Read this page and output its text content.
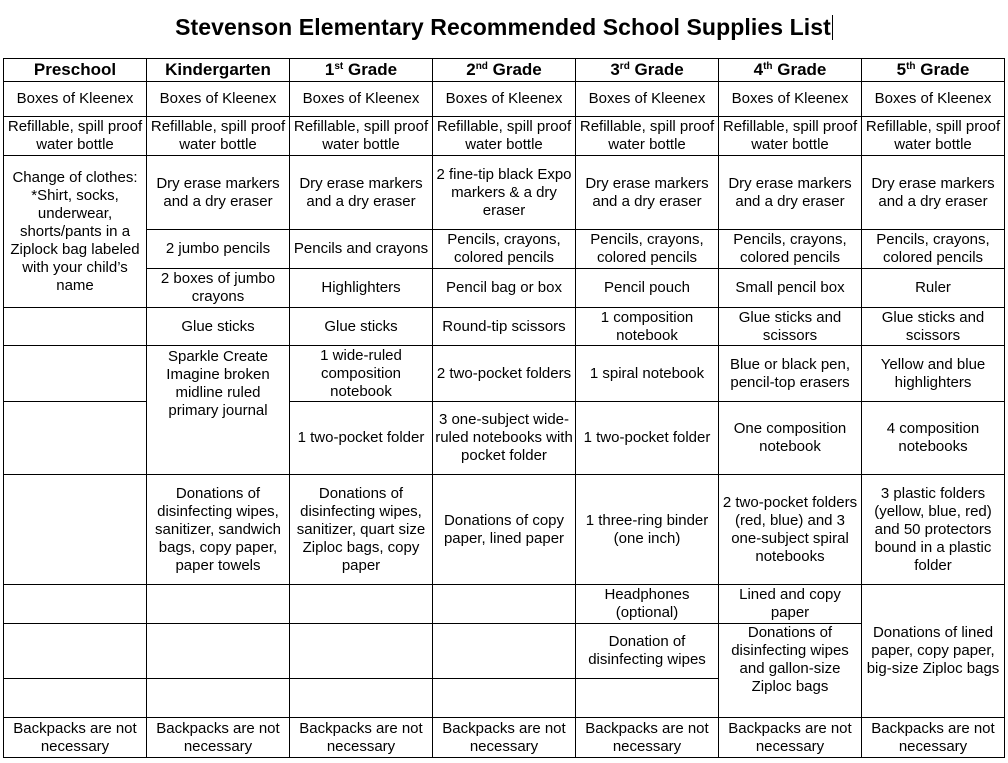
Stevenson Elementary Recommended School Supplies List
Preschool	Kindergarten	1st Grade	2nd Grade	3rd Grade	4th Grade	5th Grade
Boxes of Kleenex	Boxes of Kleenex	Boxes of Kleenex	Boxes of Kleenex	Boxes of Kleenex	Boxes of Kleenex	Boxes of Kleenex
Refillable, spill proof water bottle	Refillable, spill proof water bottle	Refillable, spill proof water bottle	Refillable, spill proof water bottle	Refillable, spill proof water bottle	Refillable, spill proof water bottle	Refillable, spill proof water bottle
Change of clothes: *Shirt, socks, underwear, shorts/pants in a Ziplock bag labeled with your child’s name	Dry erase markers and a dry eraser	Dry erase markers and a dry eraser	2 fine-tip black Expo markers & a dry eraser	Dry erase markers and a dry eraser	Dry erase markers and a dry eraser	Dry erase markers and a dry eraser
	2 jumbo pencils	Pencils and crayons	Pencils, crayons, colored pencils	Pencils, crayons, colored pencils	Pencils, crayons, colored pencils	Pencils, crayons, colored pencils
	2 boxes of jumbo crayons	Highlighters	Pencil bag or box	Pencil pouch	Small pencil box	Ruler
	Glue sticks	Glue sticks	Round-tip scissors	1 composition notebook	Glue sticks and scissors	Glue sticks and scissors
	Sparkle Create Imagine broken midline ruled primary journal	1 wide-ruled composition notebook	2 two-pocket folders	1 spiral notebook	Blue or black pen, pencil-top erasers	Yellow and blue highlighters
		1 two-pocket folder	3 one-subject wide-ruled notebooks with pocket folder	1 two-pocket folder	One composition notebook	4 composition notebooks
	Donations of disinfecting wipes, sanitizer, sandwich bags, copy paper, paper towels	Donations of disinfecting wipes, sanitizer, quart size Ziploc bags, copy paper	Donations of copy paper, lined paper	1 three-ring binder (one inch)	2 two-pocket folders (red, blue) and 3 one-subject spiral notebooks	3 plastic folders (yellow, blue, red) and 50 protectors bound in a plastic folder
				Headphones (optional)	Lined and copy paper	Donations of lined paper, copy paper, big-size Ziploc bags
				Donation of disinfecting wipes	Donations of disinfecting wipes and gallon-size Ziploc bags	

Backpacks are not necessary	Backpacks are not necessary	Backpacks are not necessary	Backpacks are not necessary	Backpacks are not necessary	Backpacks are not necessary	Backpacks are not necessary
